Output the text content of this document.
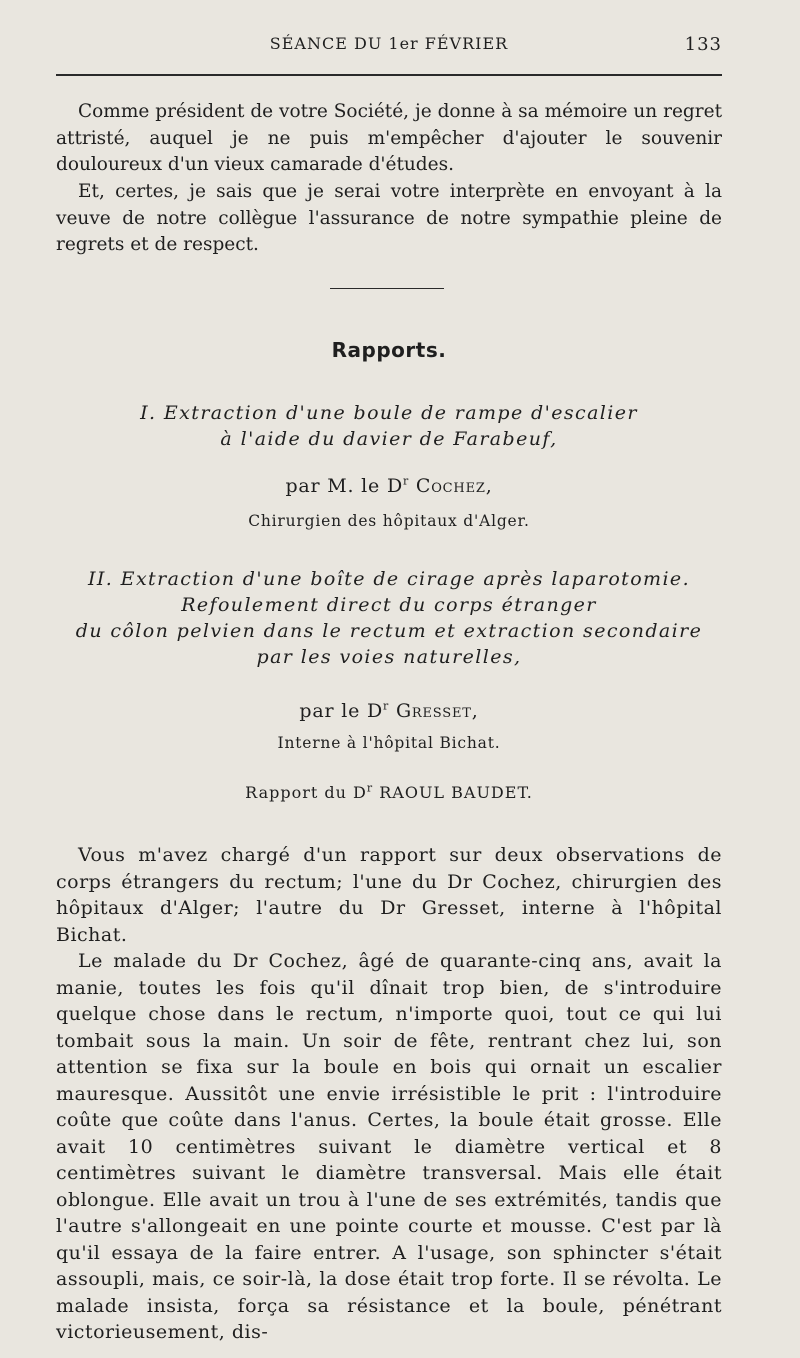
SÉANCE DU 1er FÉVRIER	133
Comme président de votre Société, je donne à sa mémoire un regret attristé, auquel je ne puis m'empêcher d'ajouter le souvenir douloureux d'un vieux camarade d'études.
Et, certes, je sais que je serai votre interprète en envoyant à la veuve de notre collègue l'assurance de notre sympathie pleine de regrets et de respect.
Rapports.
I. Extraction d'une boule de rampe d'escalier
à l'aide du davier de Farabeuf,
par M. le $D^r$ Cochez,
Chirurgien des hôpitaux d'Alger.
II. Extraction d'une boîte de cirage après laparotomie.
Refoulement direct du corps étranger
du côlon pelvien dans le rectum et extraction secondaire
par les voies naturelles,
par le $D^r$ Gresset,
Interne à l'hôpital Bichat.
Rapport du $D^r$ RAOUL BAUDET.

Vous m'avez chargé d'un rapport sur deux observations de corps étrangers du rectum; l'une du Dr Cochez, chirurgien des hôpitaux d'Alger; l'autre du Dr Gresset, interne à l'hôpital Bichat.

Le malade du Dr Cochez, âgé de quarante-cinq ans, avait la manie, toutes les fois qu'il dînait trop bien, de s'introduire quelque chose dans le rectum, n'importe quoi, tout ce qui lui tombait sous la main. Un soir de fête, rentrant chez lui, son attention se fixa sur la boule en bois qui ornait un escalier mauresque. Aussitôt une envie irrésistible le prit : l'introduire coûte que coûte dans l'anus. Certes, la boule était grosse. Elle avait 10 centimètres suivant le diamètre vertical et 8 centimètres suivant le diamètre transversal. Mais elle était oblongue. Elle avait un trou à l'une de ses extrémités, tandis que l'autre s'allongeait en une pointe courte et mousse. C'est par là qu'il essaya de la faire entrer. A l'usage, son sphincter s'était assoupli, mais, ce soir-là, la dose était trop forte. Il se révolta. Le malade insista, força sa résistance et la boule, pénétrant victorieusement, dis-
